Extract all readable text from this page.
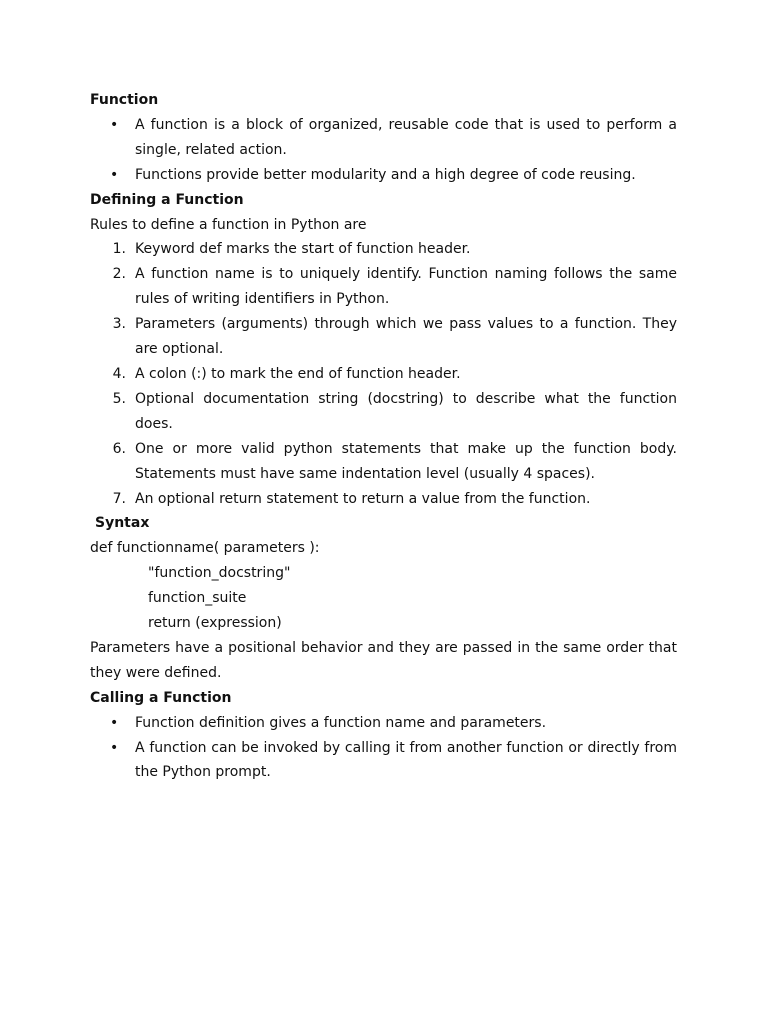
Function

• A function is a block of organized, reusable code that is used to perform a single, related action.
• Functions provide better modularity and a high degree of code reusing.

Defining a Function

Rules to define a function in Python are

1. Keyword def marks the start of function header.
2. A function name is to uniquely identify. Function naming follows the same rules of writing identifiers in Python.
3. Parameters (arguments) through which we pass values to a function. They are optional.
4. A colon (:) to mark the end of function header.
5. Optional documentation string (docstring) to describe what the function does.
6. One or more valid python statements that make up the function body. Statements must have same indentation level (usually 4 spaces).
7. An optional return statement to return a value from the function.

Syntax

def functionname( parameters ):

"function_docstring"

function_suite

return (expression)

Parameters have a positional behavior and they are passed in the same order that they were defined.

Calling a Function

• Function definition gives a function name and parameters.
• A function can be invoked by calling it from another function or directly from the Python prompt.
